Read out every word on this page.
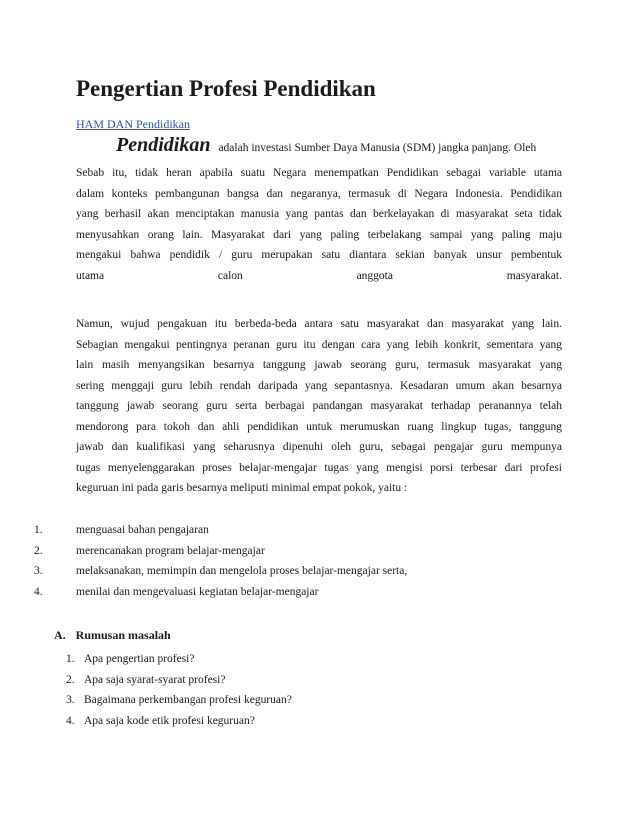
Pengertian Profesi Pendidikan
HAM DAN Pendidikan
Pendidikan adalah investasi Sumber Daya Manusia (SDM) jangka panjang. Oleh
Sebab itu, tidak heran apabila suatu Negara menempatkan Pendidikan sebagai variable utama
dalam konteks pembangunan bangsa dan negaranya, termasuk di Negara Indonesia. Pendidikan
yang berhasil akan menciptakan manusia yang pantas dan berkelayakan di masyarakat seta tidak
menyusahkan orang lain. Masyarakat dari yang paling terbelakang sampai yang paling maju
mengakui bahwa pendidik / guru merupakan satu diantara sekian banyak unsur pembentuk
utama calon anggota masyarakat.
Namun, wujud pengakuan itu berbeda-beda antara satu masyarakat dan masyarakat yang lain.
Sebagian mengakui pentingnya peranan guru itu dengan cara yang lebih konkrit, sementara yang
lain masih menyangsikan besarnya tanggung jawab seorang guru, termasuk masyarakat yang
sering menggaji guru lebih rendah daripada yang sepantasnya. Kesadaran umum akan besarnya
tanggung jawab seorang guru serta berbagai pandangan masyarakat terhadap peranannya telah
mendorong para tokoh dan ahli pendidikan untuk merumuskan ruang lingkup tugas, tanggung
jawab dan kualifikasi yang seharusnya dipenuhi oleh guru, sebagai pengajar guru mempunya
tugas menyelenggarakan proses belajar-mengajar tugas yang mengisi porsi terbesar dari profesi
keguruan ini pada garis besarnya meliputi minimal empat pokok, yaitu :
1.	menguasai bahan pengajaran
2.	merencanakan program belajar-mengajar
3.	melaksanakan, memimpin dan mengelola proses belajar-mengajar serta,
4.	menilai dan mengevaluasi kegiatan belajar-mengajar
A. Rumusan masalah
1. Apa pengertian profesi?
2. Apa saja syarat-syarat profesi?
3. Bagaimana perkembangan profesi keguruan?
4. Apa saja kode etik profesi keguruan?
